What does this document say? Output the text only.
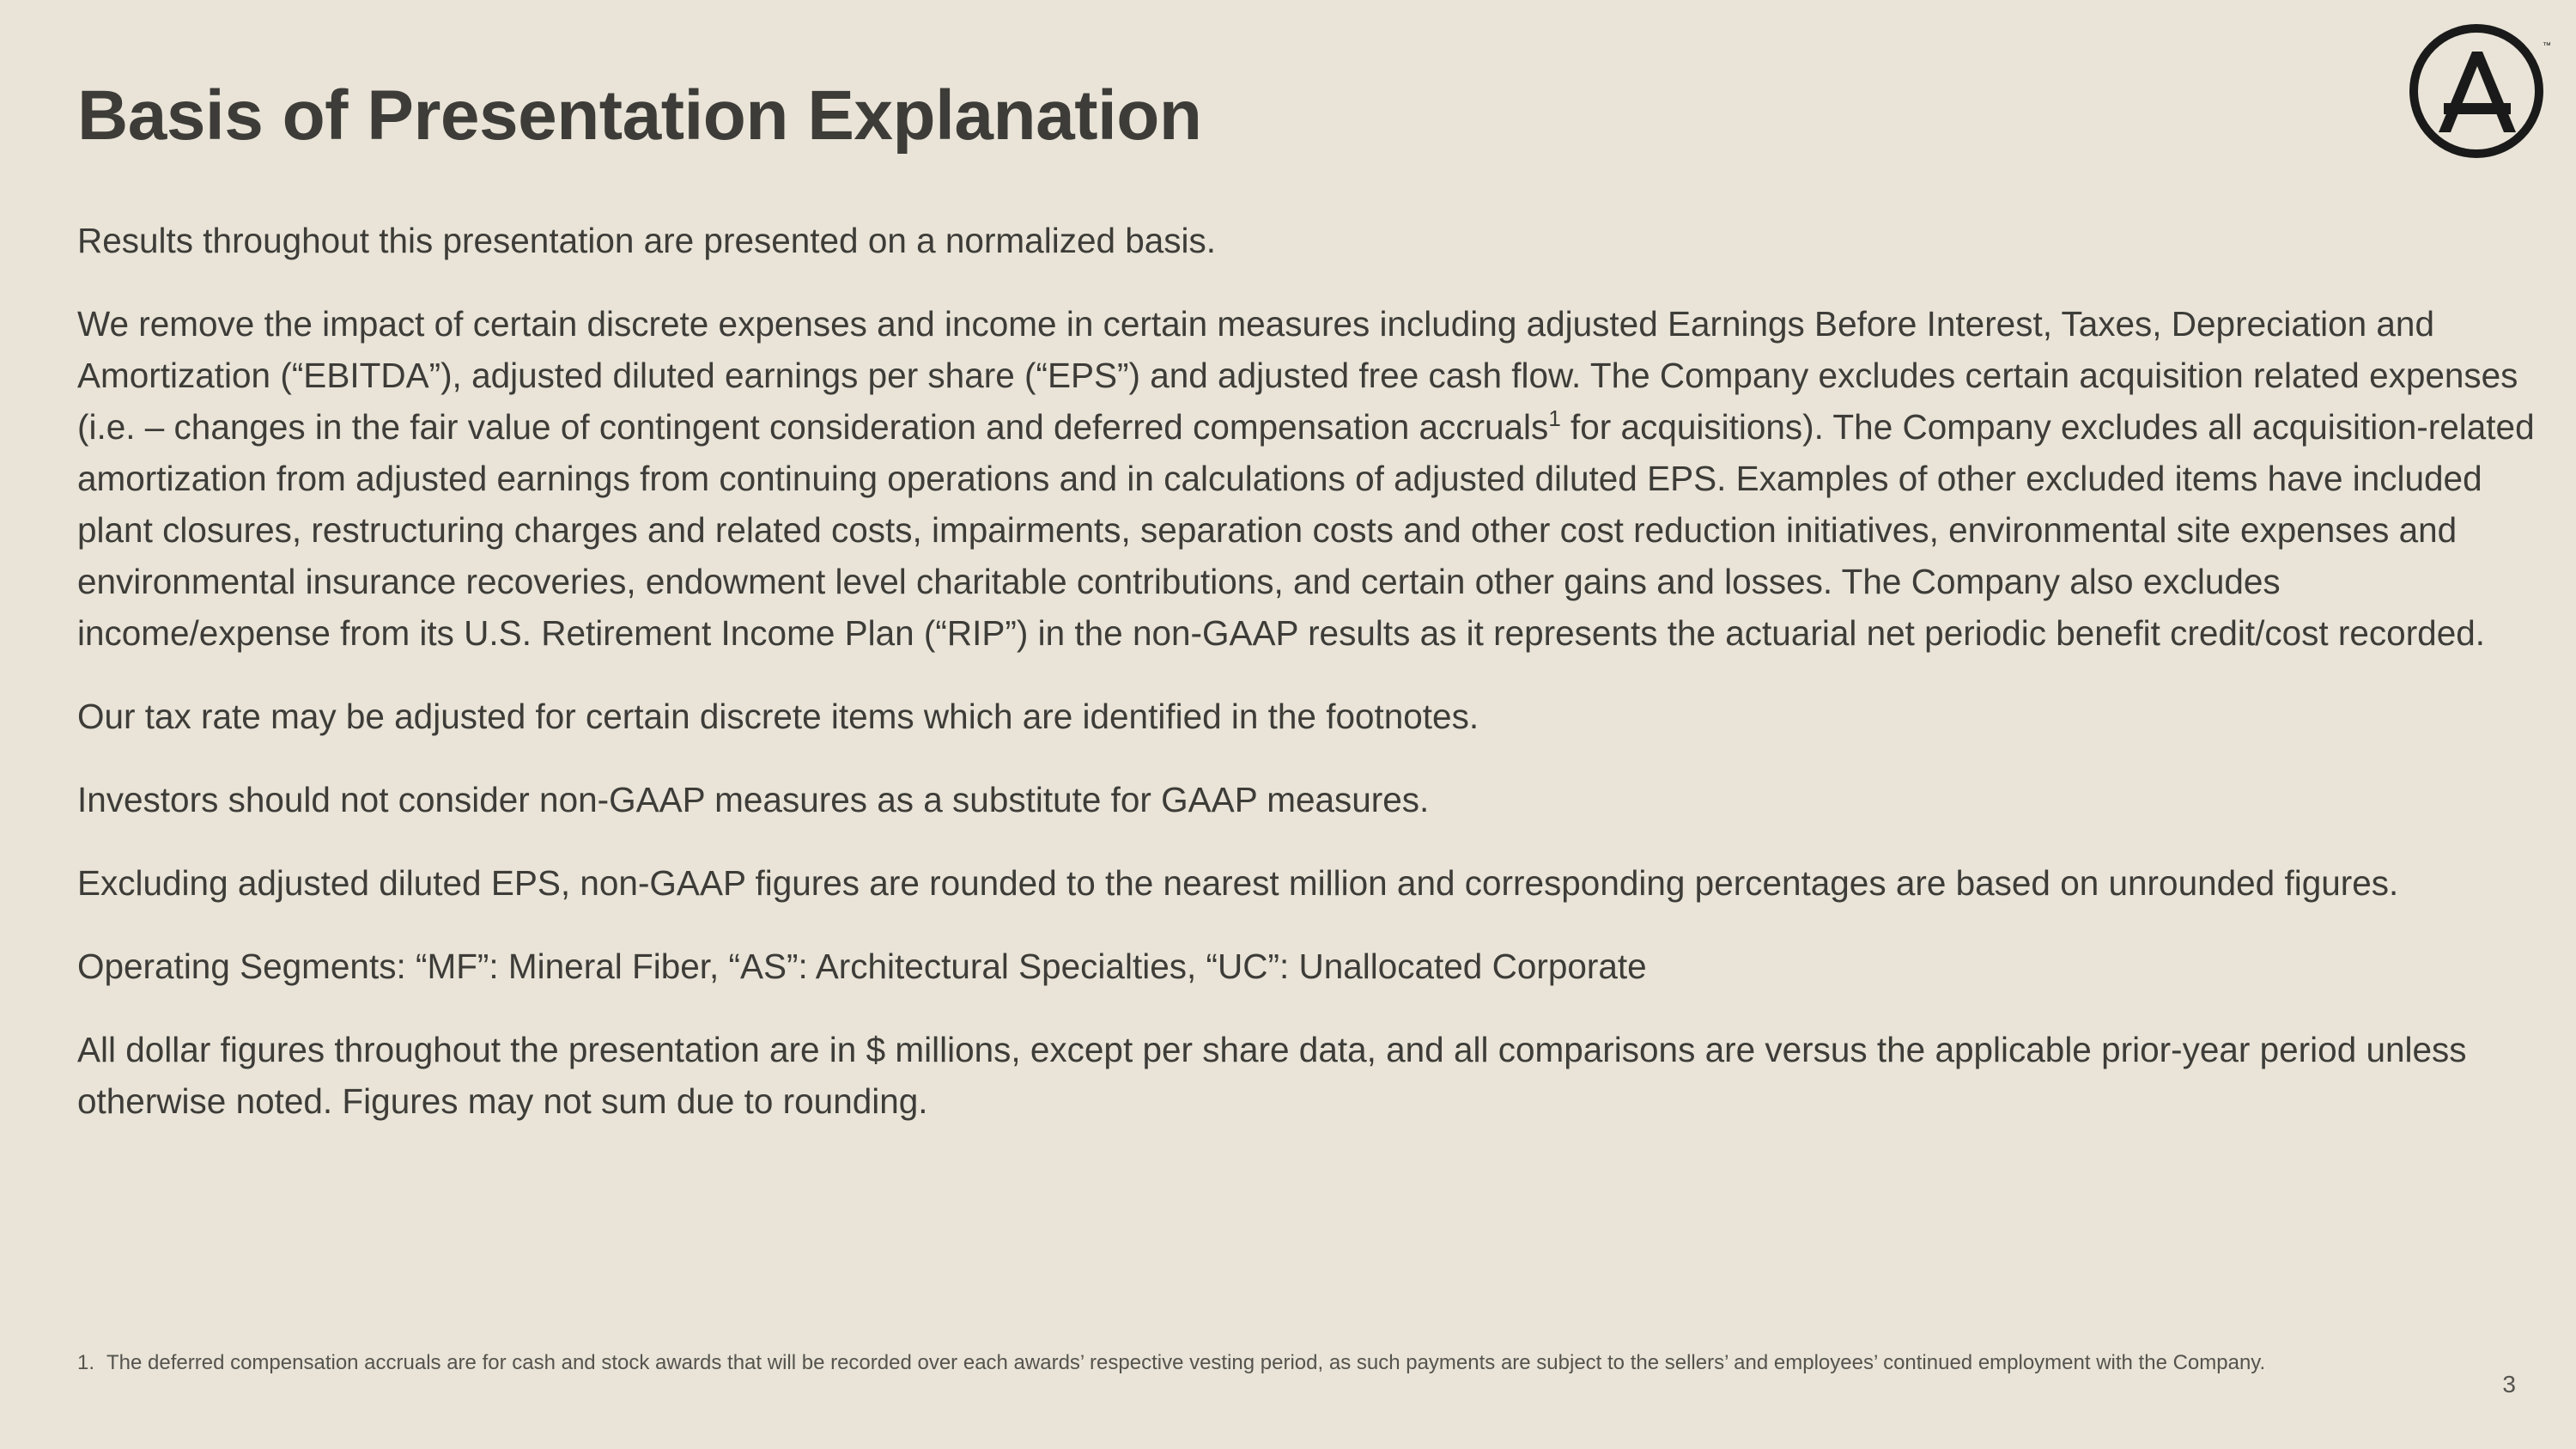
Basis of Presentation Explanation
™

Results throughout this presentation are presented on a normalized basis.

We remove the impact of certain discrete expenses and income in certain measures including adjusted Earnings Before Interest, Taxes, Depreciation and Amortization (“EBITDA”), adjusted diluted earnings per share (“EPS”) and adjusted free cash flow. The Company excludes certain acquisition related expenses (i.e. – changes in the fair value of contingent consideration and deferred compensation accruals$^1$ for acquisitions). The Company excludes all acquisition-related amortization from adjusted earnings from continuing operations and in calculations of adjusted diluted EPS. Examples of other excluded items have included plant closures, restructuring charges and related costs, impairments, separation costs and other cost reduction initiatives, environmental site expenses and environmental insurance recoveries, endowment level charitable contributions, and certain other gains and losses. The Company also excludes income/expense from its U.S. Retirement Income Plan (“RIP”) in the non-GAAP results as it represents the actuarial net periodic benefit credit/cost recorded.

Our tax rate may be adjusted for certain discrete items which are identified in the footnotes.

Investors should not consider non-GAAP measures as a substitute for GAAP measures.

Excluding adjusted diluted EPS, non-GAAP figures are rounded to the nearest million and corresponding percentages are based on unrounded figures.

Operating Segments: “MF”: Mineral Fiber, “AS”: Architectural Specialties, “UC”: Unallocated Corporate

All dollar figures throughout the presentation are in $ millions, except per share data, and all comparisons are versus the applicable prior-year period unless otherwise noted. Figures may not sum due to rounding.

1. The deferred compensation accruals are for cash and stock awards that will be recorded over each awards’ respective vesting period, as such payments are subject to the sellers’ and employees’ continued employment with the Company.
3
